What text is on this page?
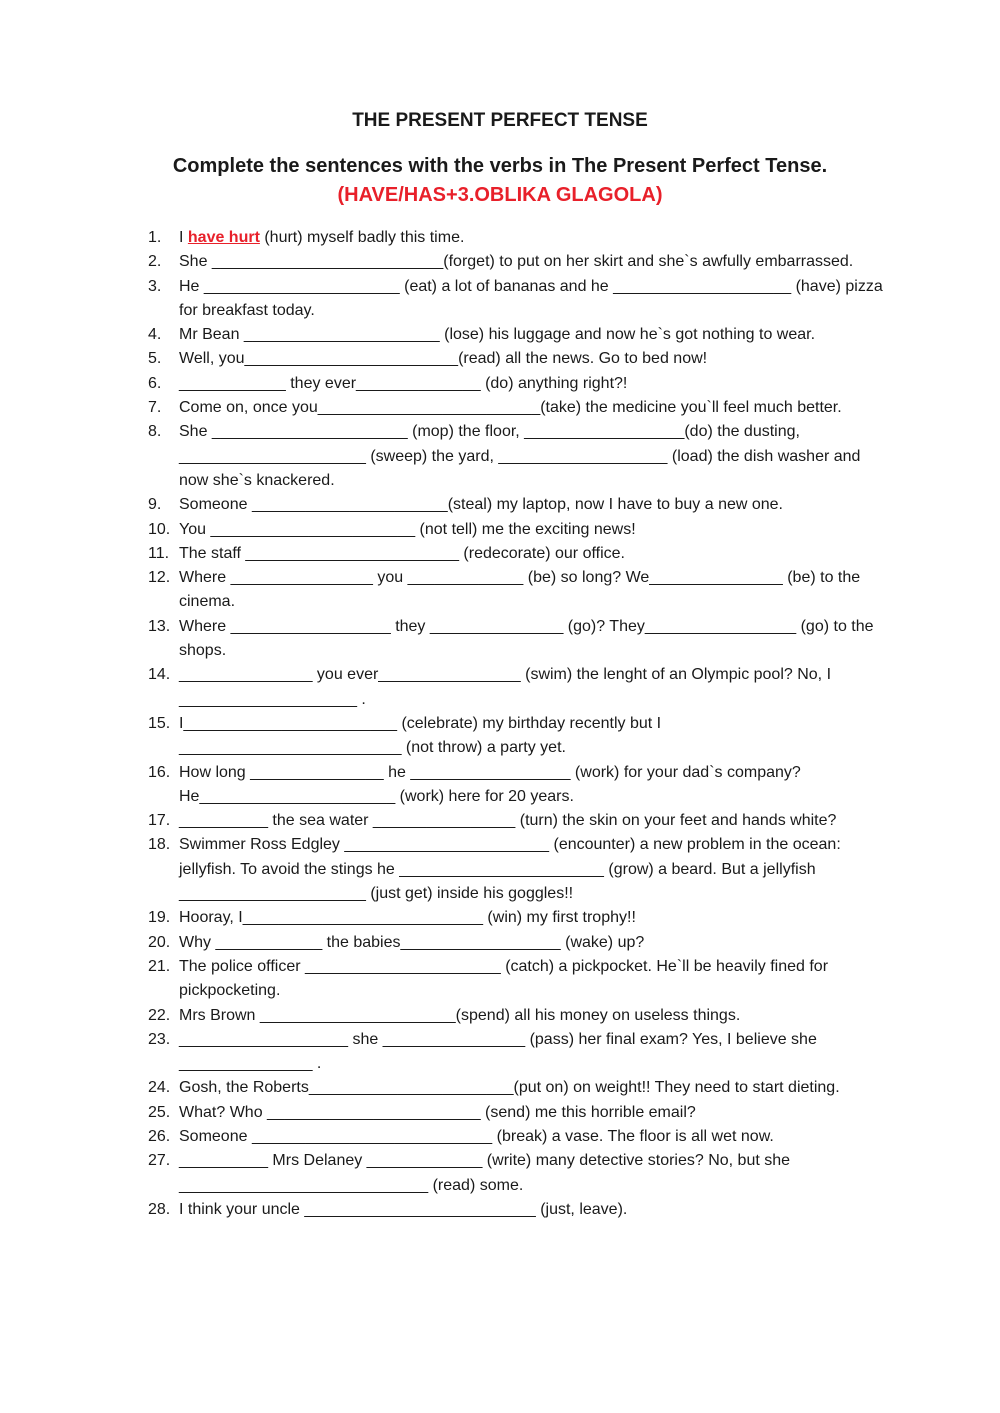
THE PRESENT PERFECT TENSE
Complete the sentences with the verbs in The Present Perfect Tense.
(HAVE/HAS+3.OBLIKA GLAGOLA)
1. I have hurt (hurt) myself badly this time.
2. She __________________________(forget) to put on her skirt and she`s awfully embarrassed.
3. He ______________________ (eat) a lot of bananas and he ____________________ (have) pizza for breakfast today.
4. Mr Bean ______________________ (lose) his luggage and now he`s got nothing to wear.
5. Well, you________________________(read) all the news. Go to bed now!
6. ____________ they ever______________ (do) anything right?!
7. Come on, once you_________________________(take) the medicine you`ll feel much better.
8. She ______________________ (mop) the floor, __________________(do) the dusting, _____________________ (sweep) the yard, ___________________ (load) the dish washer and now she`s knackered.
9. Someone ______________________(steal) my laptop, now I have to buy a new one.
10. You _______________________ (not tell) me the exciting news!
11. The staff ________________________ (redecorate) our office.
12. Where ________________ you _____________ (be) so long? We_______________ (be) to the cinema.
13. Where __________________ they _______________ (go)? They_________________ (go) to the shops.
14. _______________ you ever________________ (swim) the lenght of an Olympic pool? No, I ____________________ .
15. I________________________ (celebrate) my birthday recently but I _________________________ (not throw) a party yet.
16. How long _______________ he __________________ (work) for your dad`s company? He______________________ (work) here for 20 years.
17. __________ the sea water ________________ (turn) the skin on your feet and hands white?
18. Swimmer Ross Edgley _______________________ (encounter) a new problem in the ocean: jellyfish. To avoid the stings he _______________________ (grow) a beard. But a jellyfish _____________________ (just get) inside his goggles!!
19. Hooray, I___________________________ (win) my first trophy!!
20. Why ____________ the babies__________________ (wake) up?
21. The police officer ______________________ (catch) a pickpocket. He`ll be heavily fined for pickpocketing.
22. Mrs Brown ______________________(spend) all his money on useless things.
23. ___________________ she ________________ (pass) her final exam? Yes, I believe she _______________ .
24. Gosh, the Roberts_______________________(put on) on weight!! They need to start dieting.
25. What? Who ________________________ (send) me this horrible email?
26. Someone ___________________________ (break) a vase. The floor is all wet now.
27. __________ Mrs Delaney _____________ (write) many detective stories? No, but she ____________________________ (read) some.
28. I think your uncle __________________________ (just, leave).
